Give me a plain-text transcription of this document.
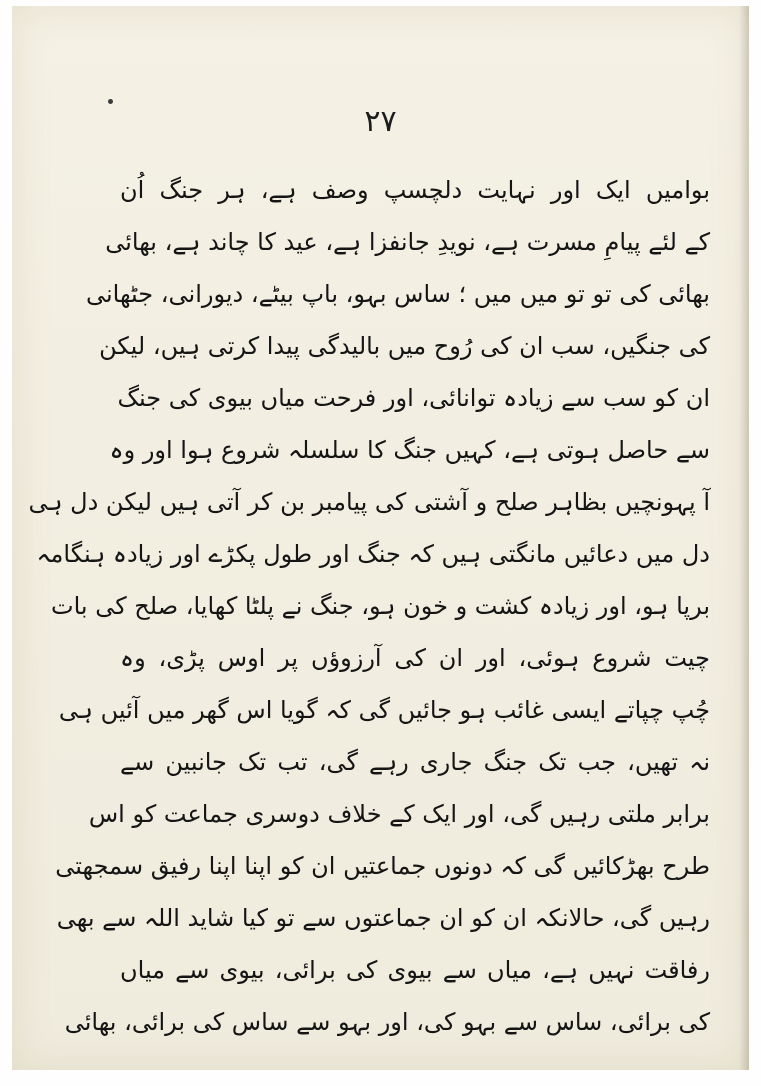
۲۷
بوامیں ایک اور نہایت دلچسپ وصف ہے، ہر جنگ اُن
کے لئے پیامِ مسرت ہے، نویدِ جانفزا ہے، عید کا چاند ہے، بھائی
بھائی کی تو تو میں میں ؛ ساس بہو، باپ بیٹے، دیورانی، جٹھانی
کی جنگیں، سب ان کی رُوح میں بالیدگی پیدا کرتی ہیں، لیکن
ان کو سب سے زیادہ توانائی، اور فرحت میاں بیوی کی جنگ
سے حاصل ہوتی ہے، کہیں جنگ کا سلسلہ شروع ہوا اور وہ
آ پہونچیں بظاہر صلح و آشتی کی پیامبر بن کر آتی ہیں لیکن دل ہی
دل میں دعائیں مانگتی ہیں کہ جنگ اور طول پکڑے اور زیادہ ہنگامہ
برپا ہو، اور زیادہ کشت و خون ہو، جنگ نے پلٹا کھایا، صلح کی بات
چیت شروع ہوئی، اور ان کی آرزوؤں پر اوس پڑی، وہ
چُپ چپاتے ایسی غائب ہو جائیں گی کہ گویا اس گھر میں آئیں ہی
نہ تھیں، جب تک جنگ جاری رہے گی، تب تک جانبین سے
برابر ملتی رہیں گی، اور ایک کے خلاف دوسری جماعت کو اس
طرح بھڑکائیں گی کہ دونوں جماعتیں ان کو اپنا اپنا رفیق سمجھتی
رہیں گی، حالانکہ ان کو ان جماعتوں سے تو کیا شاید اللہ سے بھی
رفاقت نہیں ہے، میاں سے بیوی کی برائی، بیوی سے میاں
کی برائی، ساس سے بہو کی، اور بہو سے ساس کی برائی، بھائی
